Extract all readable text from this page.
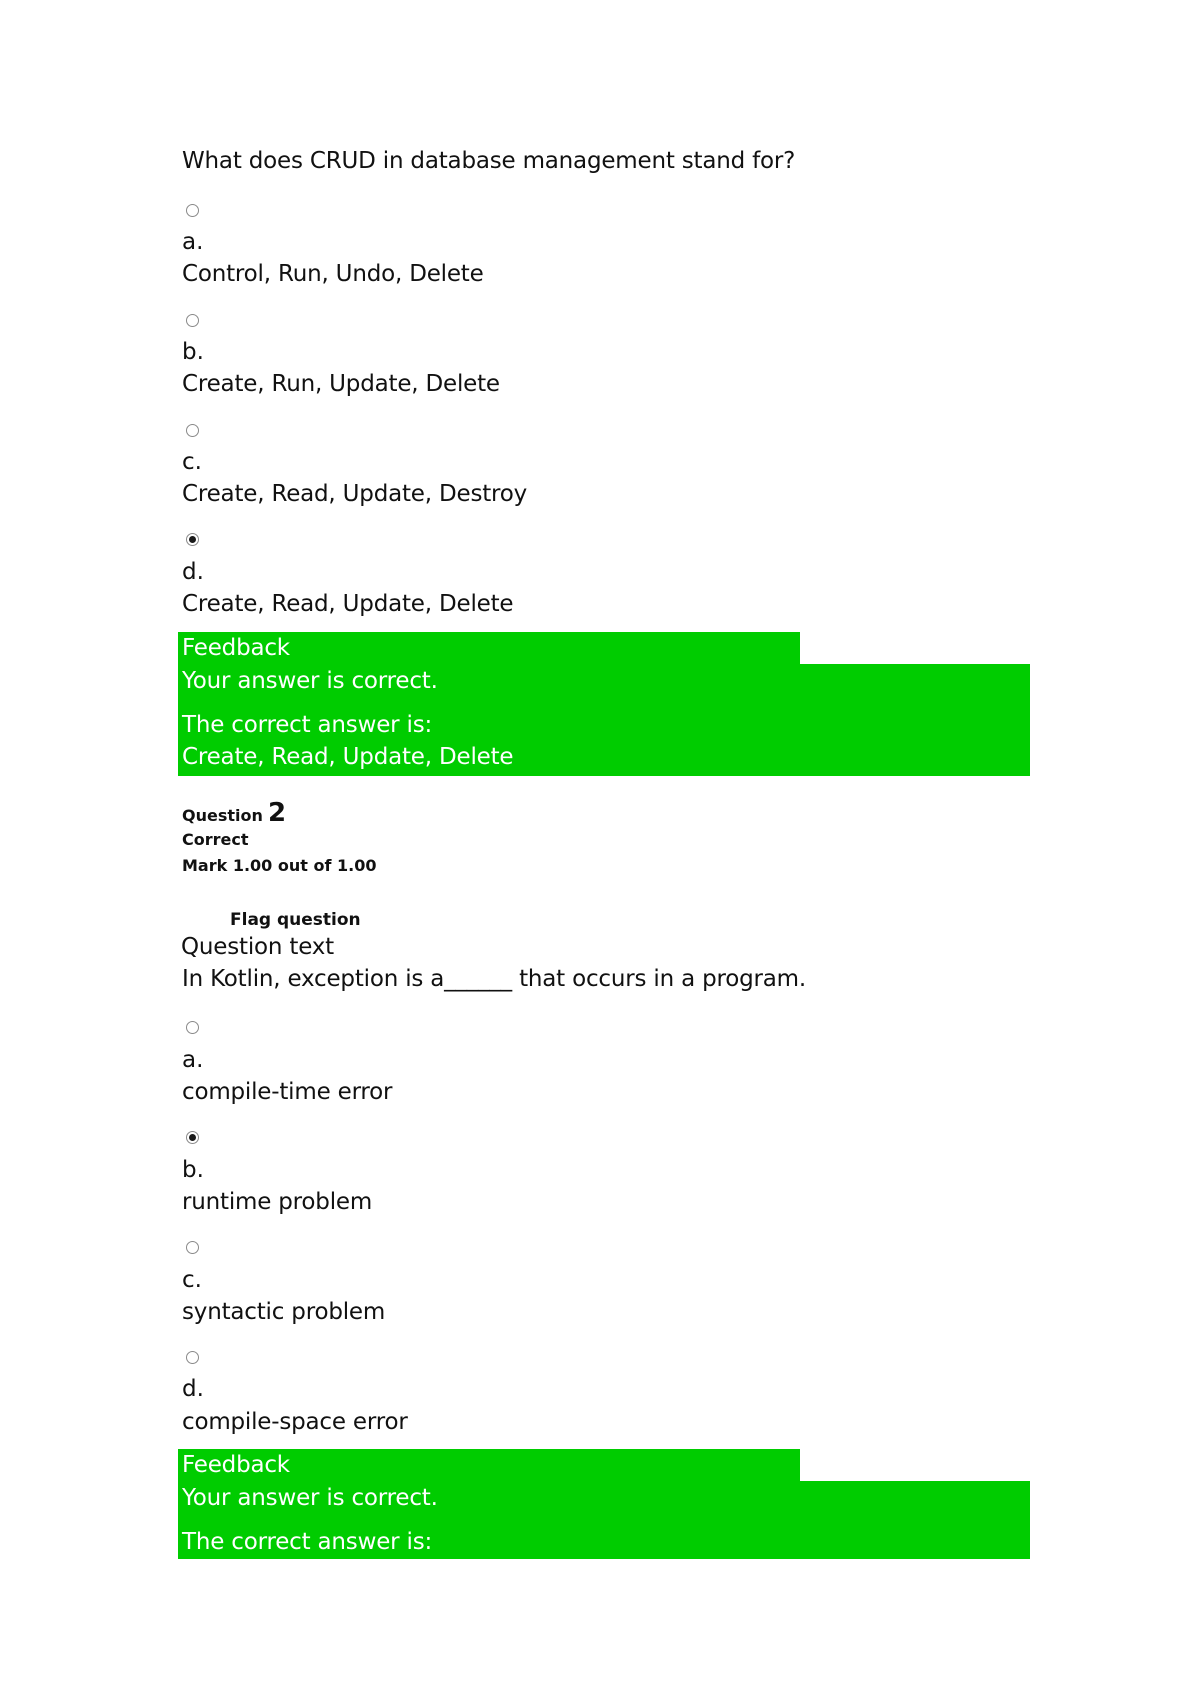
What does CRUD in database management stand for?
a.
Control, Run, Undo, Delete
b.
Create, Run, Update, Delete
c.
Create, Read, Update, Destroy
d.
Create, Read, Update, Delete
Feedback
Your answer is correct.
The correct answer is:
Create, Read, Update, Delete
Question 2
Correct
Mark 1.00 out of 1.00
Flag question
Question text
In Kotlin, exception is a______ that occurs in a program.
a.
compile-time error
b.
runtime problem
c.
syntactic problem
d.
compile-space error
Feedback
Your answer is correct.
The correct answer is:
